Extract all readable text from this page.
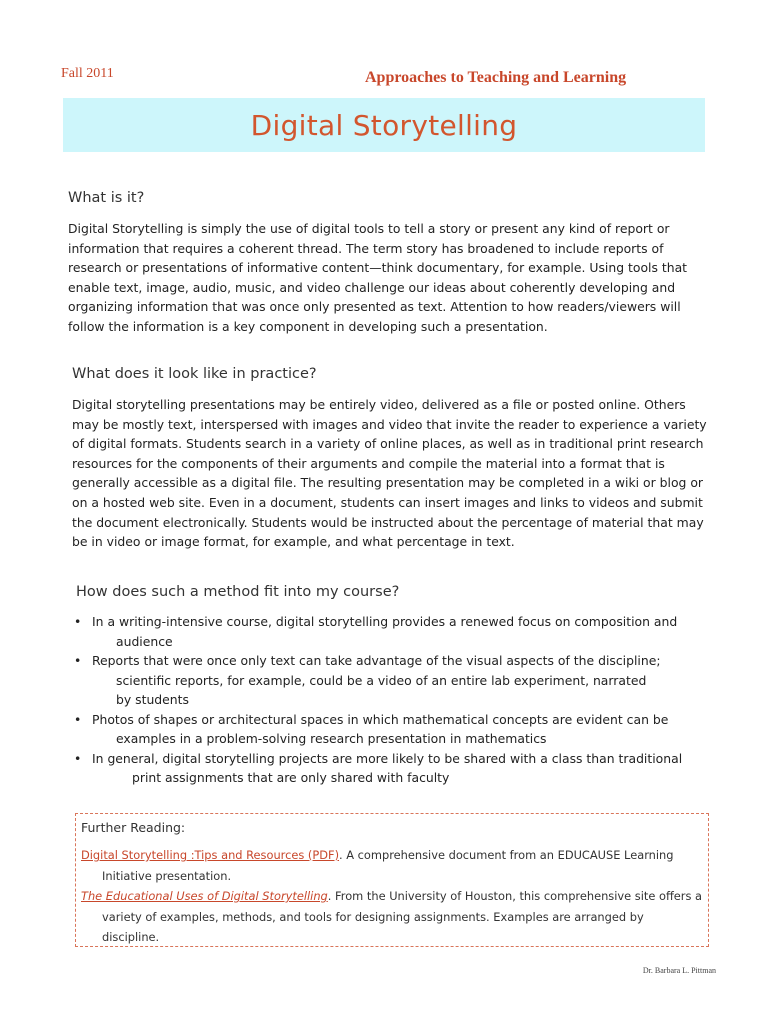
Fall 2011	Approaches to Teaching and Learning
Digital Storytelling
What is it?

Digital Storytelling is simply the use of digital tools to tell a story or present any kind of report or information that requires a coherent thread. The term story has broadened to include reports of research or presentations of informative content—think documentary, for example. Using tools that enable text, image, audio, music, and video challenge our ideas about coherently developing and organizing information that was once only presented as text. Attention to how readers/viewers will follow the information is a key component in developing such a presentation.

What does it look like in practice?

Digital storytelling presentations may be entirely video, delivered as a file or posted online. Others may be mostly text, interspersed with images and video that invite the reader to experience a variety of digital formats. Students search in a variety of online places, as well as in traditional print research resources for the components of their arguments and compile the material into a format that is generally accessible as a digital file. The resulting presentation may be completed in a wiki or blog or on a hosted web site. Even in a document, students can insert images and links to videos and submit the document electronically. Students would be instructed about the percentage of material that may be in video or image format, for example, and what percentage in text.

How does such a method fit into my course?
• In a writing-intensive course, digital storytelling provides a renewed focus on composition and
audience
• Reports that were once only text can take advantage of the visual aspects of the discipline;
scientific reports, for example, could be a video of an entire lab experiment, narrated by students
• Photos of shapes or architectural spaces in which mathematical concepts are evident can be
examples in a problem-solving research presentation in mathematics
• In general, digital storytelling projects are more likely to be shared with a class than traditional
print assignments that are only shared with faculty
Further Reading:
Digital Storytelling :Tips and Resources (PDF). A comprehensive document from an EDUCAUSE Learning
Initiative presentation.
The Educational Uses of Digital Storytelling. From the University of Houston, this comprehensive site offers a
variety of examples, methods, and tools for designing assignments. Examples are arranged by discipline.
Dr. Barbara L. Pittman
